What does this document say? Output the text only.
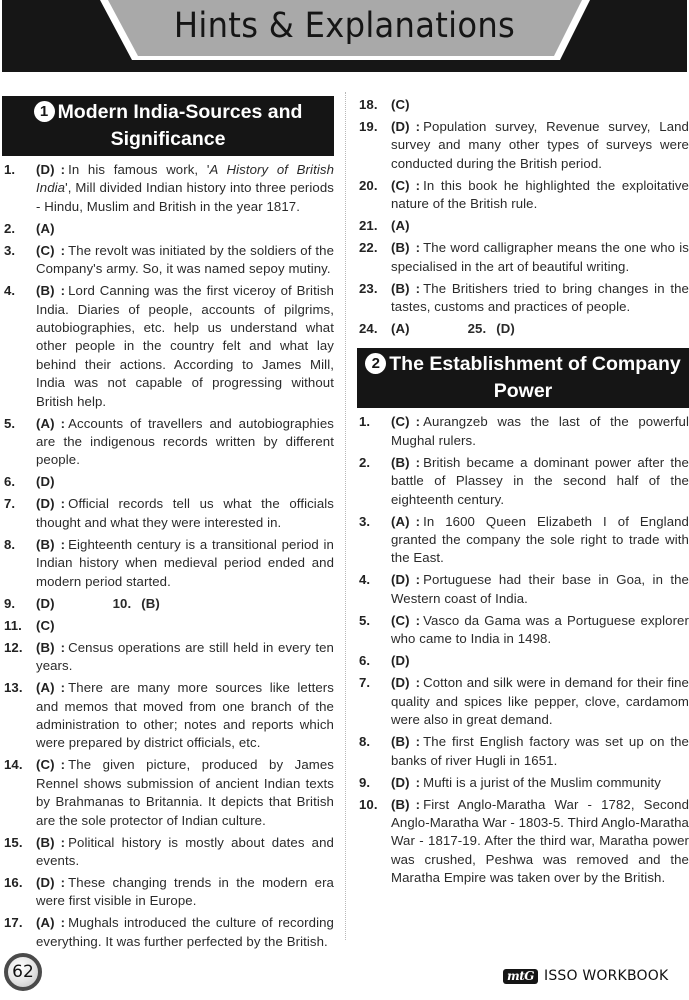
Hints & Explanations
1 Modern India-Sources and Significance
1. (D) : In his famous work, 'A History of British India', Mill divided Indian history into three periods - Hindu, Muslim and British in the year 1817.
2. (A)
3. (C) : The revolt was initiated by the soldiers of the Company's army. So, it was named sepoy mutiny.
4. (B) : Lord Canning was the first viceroy of British India. Diaries of people, accounts of pilgrims, autobiographies, etc. help us understand what other people in the country felt and what lay behind their actions. According to James Mill, India was not capable of progressing without British help.
5. (A) : Accounts of travellers and autobiographies are the indigenous records written by different people.
6. (D)
7. (D) : Official records tell us what the officials thought and what they were interested in.
8. (B) : Eighteenth century is a transitional period in Indian history when medieval period ended and modern period started.
9. (D)	10. (B)
11. (C)
12. (B) : Census operations are still held in every ten years.
13. (A) : There are many more sources like letters and memos that moved from one branch of the administration to other; notes and reports which were prepared by district officials, etc.
14. (C) : The given picture, produced by James Rennel shows submission of ancient Indian texts by Brahmanas to Britannia. It depicts that British are the sole protector of Indian culture.
15. (B) : Political history is mostly about dates and events.
16. (D) : These changing trends in the modern era were first visible in Europe.
17. (A) : Mughals introduced the culture of recording everything. It was further perfected by the British.
18. (C)
19. (D) : Population survey, Revenue survey, Land survey and many other types of surveys were conducted during the British period.
20. (C) : In this book he highlighted the exploitative nature of the British rule.
21. (A)
22. (B) : The word calligrapher means the one who is specialised in the art of beautiful writing.
23. (B) : The Britishers tried to bring changes in the tastes, customs and practices of people.
24. (A)	25. (D)
2 The Establishment of Company Power
1. (C) : Aurangzeb was the last of the powerful Mughal rulers.
2. (B) : British became a dominant power after the battle of Plassey in the second half of the eighteenth century.
3. (A) : In 1600 Queen Elizabeth I of England granted the company the sole right to trade with the East.
4. (D) : Portuguese had their base in Goa, in the Western coast of India.
5. (C) : Vasco da Gama was a Portuguese explorer who came to India in 1498.
6. (D)
7. (D) : Cotton and silk were in demand for their fine quality and spices like pepper, clove, cardamom were also in great demand.
8. (B) : The first English factory was set up on the banks of river Hugli in 1651.
9. (D) : Mufti is a jurist of the Muslim community
10. (B) : First Anglo-Maratha War - 1782, Second Anglo-Maratha War - 1803-5. Third Anglo-Maratha War - 1817-19. After the third war, Maratha power was crushed, Peshwa was removed and the Maratha Empire was taken over by the British.
62	mtG ISSO WORKBOOK
